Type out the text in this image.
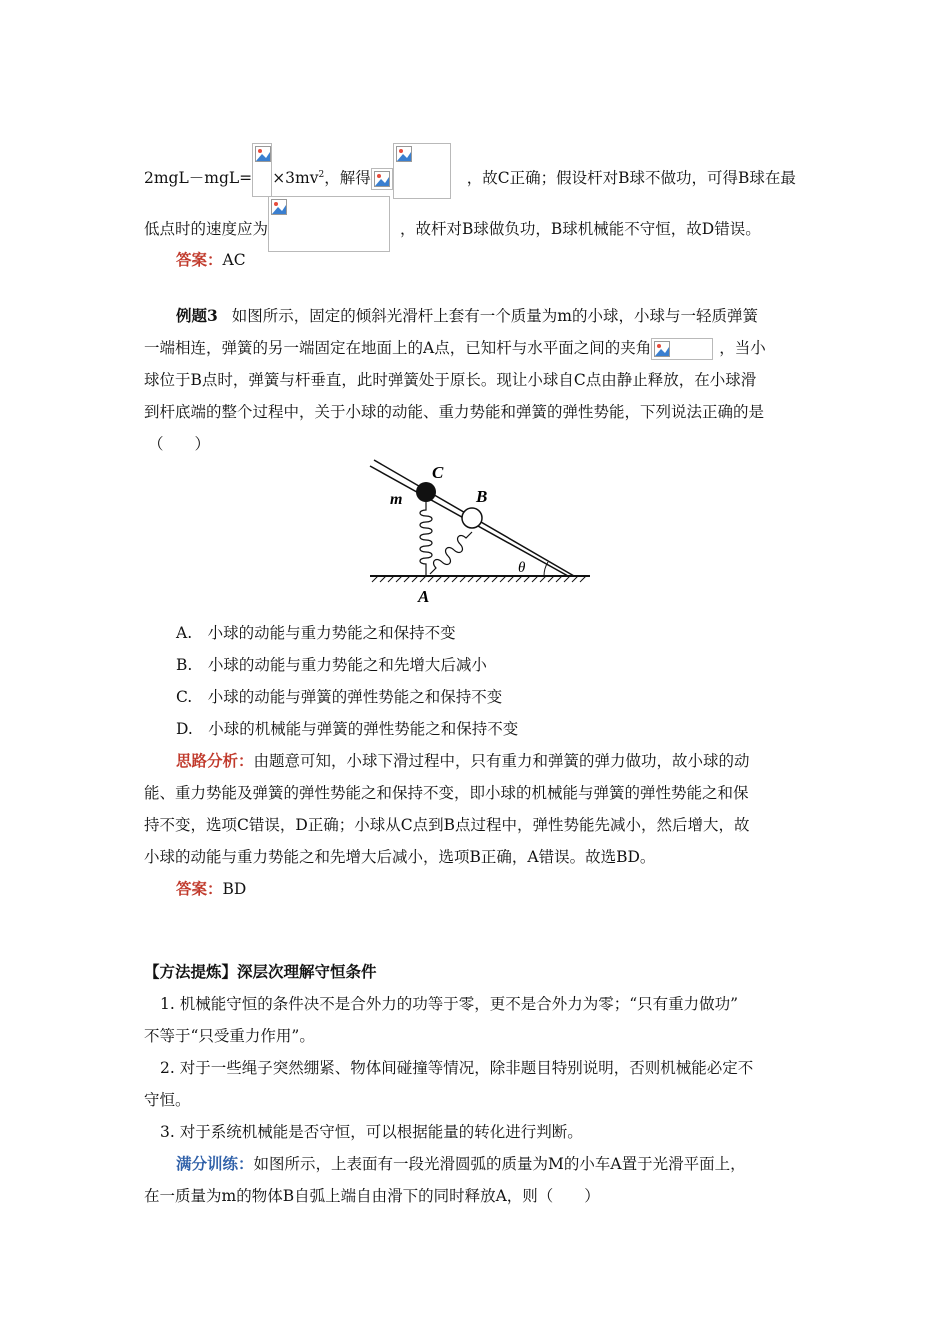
$2mgL-mgL= \times 3mv^2$，解得	，故C正确；假设杆对B球不做功，可得B球在最
低点时的速度应为	，故杆对B球做负功，B球机械能不守恒，故D错误。
答案：AC
例题3 如图所示，固定的倾斜光滑杆上套有一个质量为m的小球，小球与一轻质弹簧
一端相连，弹簧的另一端固定在地面上的A点，已知杆与水平面之间的夹角	，当小
球位于B点时，弹簧与杆垂直，此时弹簧处于原长。现让小球自C点由静止释放，在小球滑
到杆底端的整个过程中，关于小球的动能、重力势能和弹簧的弹性势能，下列说法正确的是
（　　）
C
B
m
A
θ
A.　小球的动能与重力势能之和保持不变
B.　小球的动能与重力势能之和先增大后减小
C.　小球的动能与弹簧的弹性势能之和保持不变
D.　小球的机械能与弹簧的弹性势能之和保持不变
思路分析：由题意可知，小球下滑过程中，只有重力和弹簧的弹力做功，故小球的动
能、重力势能及弹簧的弹性势能之和保持不变，即小球的机械能与弹簧的弹性势能之和保
持不变，选项C错误，D正确；小球从C点到B点过程中，弹性势能先减小，然后增大，故
小球的动能与重力势能之和先增大后减小，选项B正确，A错误。故选BD。
答案：BD
【方法提炼】深层次理解守恒条件
1. 机械能守恒的条件决不是合外力的功等于零，更不是合外力为零；“只有重力做功”
不等于“只受重力作用”。
2. 对于一些绳子突然绷紧、物体间碰撞等情况，除非题目特别说明，否则机械能必定不
守恒。
3. 对于系统机械能是否守恒，可以根据能量的转化进行判断。
满分训练：如图所示，上表面有一段光滑圆弧的质量为M的小车A置于光滑平面上，
在一质量为m的物体B自弧上端自由滑下的同时释放A，则（　　）
